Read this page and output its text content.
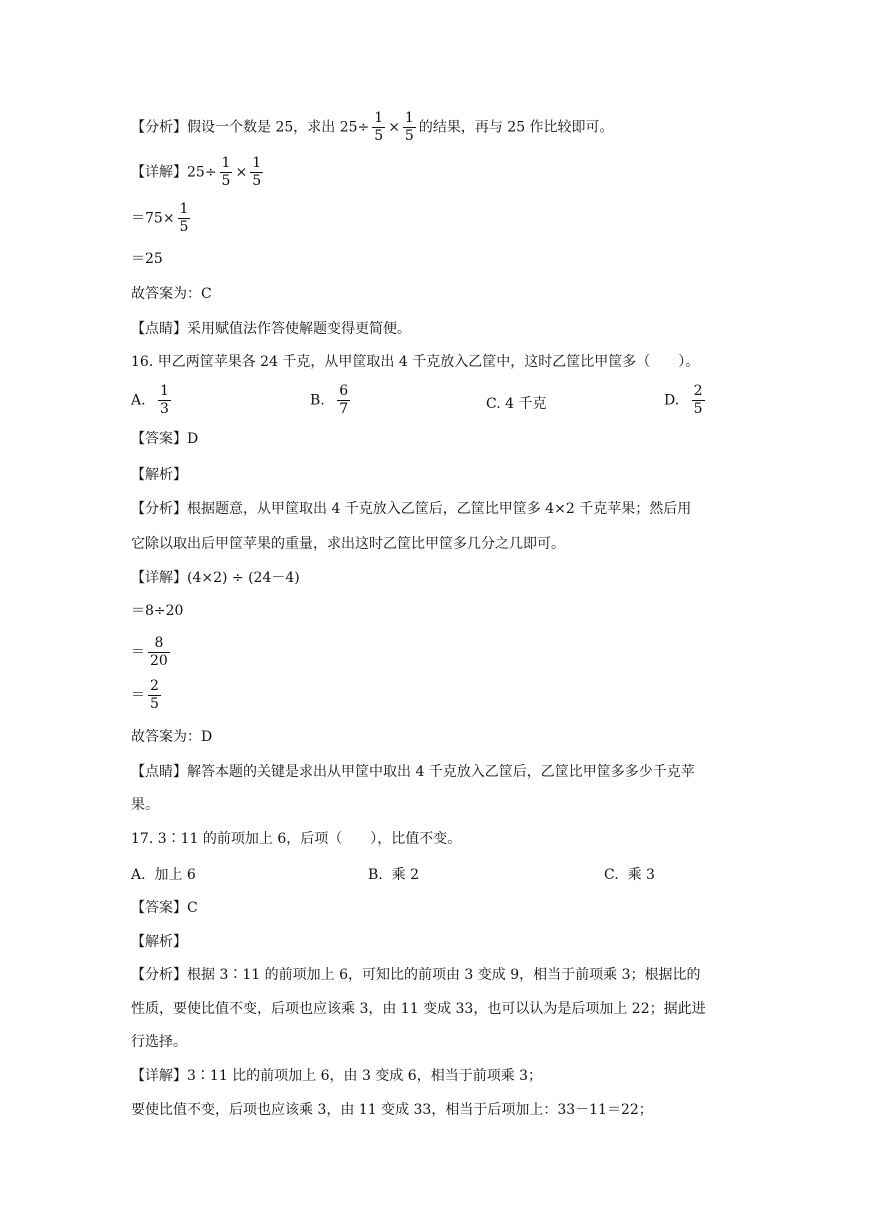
【分析】假设一个数是 25，求出 $25\div \frac{1}{5} \times \frac{1}{5}$ 的结果，再与 25 作比较即可。
【详解】$25\div \frac{1}{5} \times \frac{1}{5}$
$=75\times \frac{1}{5}$
＝25
故答案为：C
【点睛】采用赋值法作答使解题变得更简便。
16. 甲乙两筐苹果各 24 千克，从甲筐取出 4 千克放入乙筐中，这时乙筐比甲筐多（　　）。
A. $\frac{1}{3}$	B. $\frac{6}{7}$	C. 4 千克	D. $\frac{2}{5}$
【答案】D
【解析】
【分析】根据题意，从甲筐取出 4 千克放入乙筐后，乙筐比甲筐多 4×2 千克苹果；然后用
它除以取出后甲筐苹果的重量，求出这时乙筐比甲筐多几分之几即可。
【详解】(4×2) ÷ (24－4)
＝8÷20
＝ $\frac{8}{20}$
＝ $\frac{2}{5}$
故答案为：D
【点睛】解答本题的关键是求出从甲筐中取出 4 千克放入乙筐后，乙筐比甲筐多多少千克苹
果。
17. 3∶11 的前项加上 6，后项（　　），比值不变。
A. 加上 6	B. 乘 2	C. 乘 3
【答案】C
【解析】
【分析】根据 3∶11 的前项加上 6，可知比的前项由 3 变成 9，相当于前项乘 3；根据比的
性质，要使比值不变，后项也应该乘 3，由 11 变成 33，也可以认为是后项加上 22；据此进
行选择。
【详解】3∶11 比的前项加上 6，由 3 变成 6，相当于前项乘 3；
要使比值不变，后项也应该乘 3，由 11 变成 33，相当于后项加上：33－11＝22；
